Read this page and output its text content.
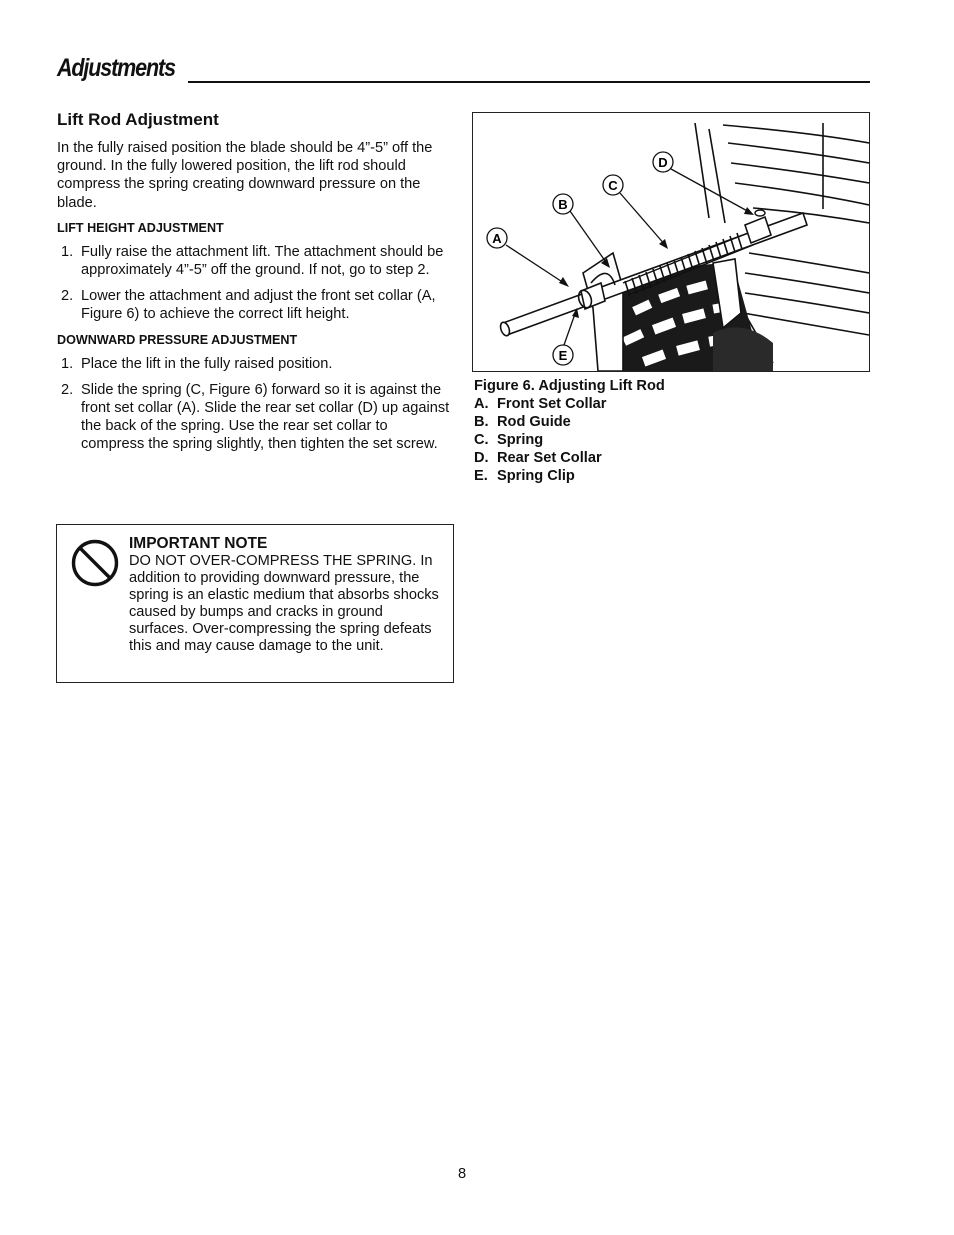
Adjustments
Lift Rod Adjustment

In the fully raised position the blade should be 4”-5” off the ground. In the fully lowered position, the lift rod should compress the spring creating downward pressure on the blade.

LIFT HEIGHT ADJUSTMENT
1. Fully raise the attachment lift. The attachment should be approximately 4”-5” off the ground. If not, go to step 2.
2. Lower the attachment and adjust the front set collar (A, Figure 6) to achieve the correct lift height.
DOWNWARD PRESSURE ADJUSTMENT
1. Place the lift in the fully raised position.
2. Slide the spring (C, Figure 6) forward so it is against the front set collar (A). Slide the rear set collar (D) up against the back of the spring. Use the rear set collar to compress the spring slightly, then tighten the set screw.
IMPORTANT NOTE

DO NOT OVER-COMPRESS THE SPRING. In addition to providing downward pressure, the spring is an elastic medium that absorbs shocks caused by bumps and cracks in ground surfaces. Over-compressing the spring defeats this and may cause damage to the unit.

A
B
C
D
E
Figure 6. Adjusting Lift Rod
A. Front Set Collar
B. Rod Guide
C. Spring
D. Rear Set Collar
E. Spring Clip
8
